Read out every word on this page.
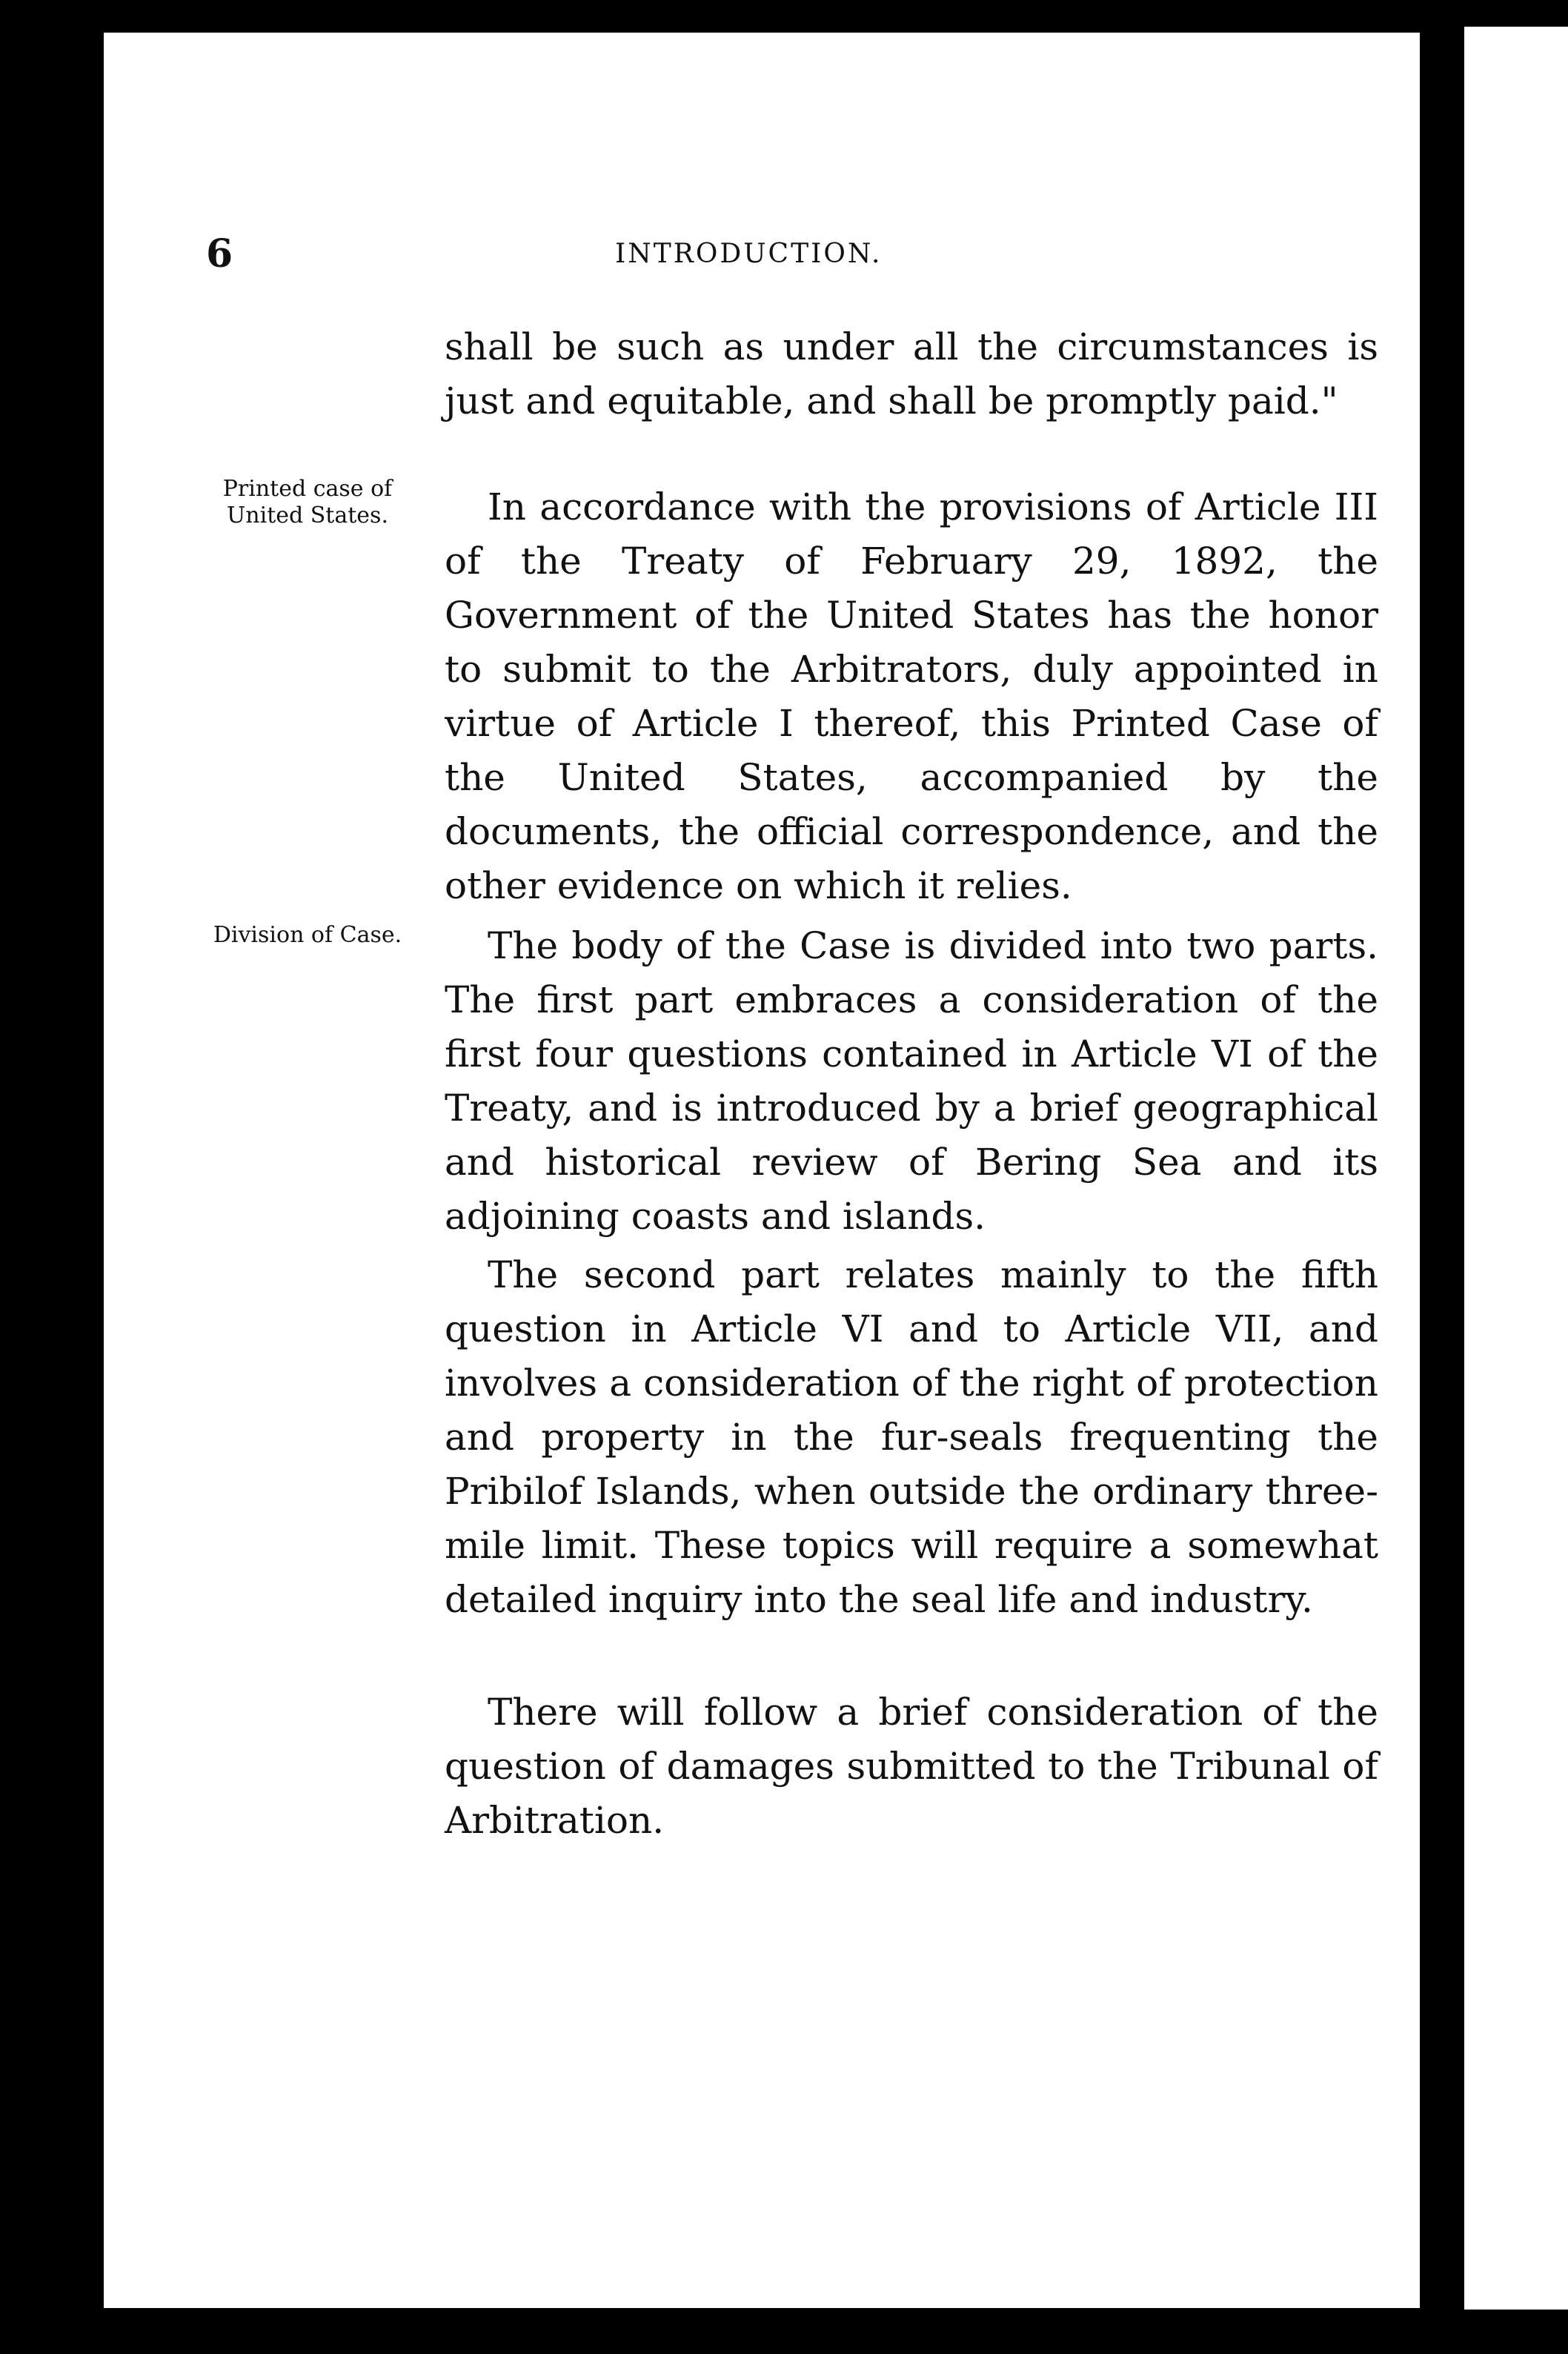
6	INTRODUCTION.

shall be such as under all the circumstances is just and equitable, and shall be promptly paid."

Printed case of United States.	In accordance with the provisions of Article III of the Treaty of February 29, 1892, the Government of the United States has the honor to submit to the Arbitrators, duly appointed in virtue of Article I thereof, this Printed Case of the United States, accompanied by the documents, the official correspondence, and the other evidence on which it relies.

Division of Case.	The body of the Case is divided into two parts. The first part embraces a consideration of the first four questions contained in Article VI of the Treaty, and is introduced by a brief geographical and historical review of Bering Sea and its adjoining coasts and islands.

The second part relates mainly to the fifth question in Article VI and to Article VII, and involves a consideration of the right of protection and property in the fur-seals frequenting the Pribilof Islands, when outside the ordinary three-mile limit. These topics will require a somewhat detailed inquiry into the seal life and industry.

There will follow a brief consideration of the question of damages submitted to the Tribunal of Arbitration.
